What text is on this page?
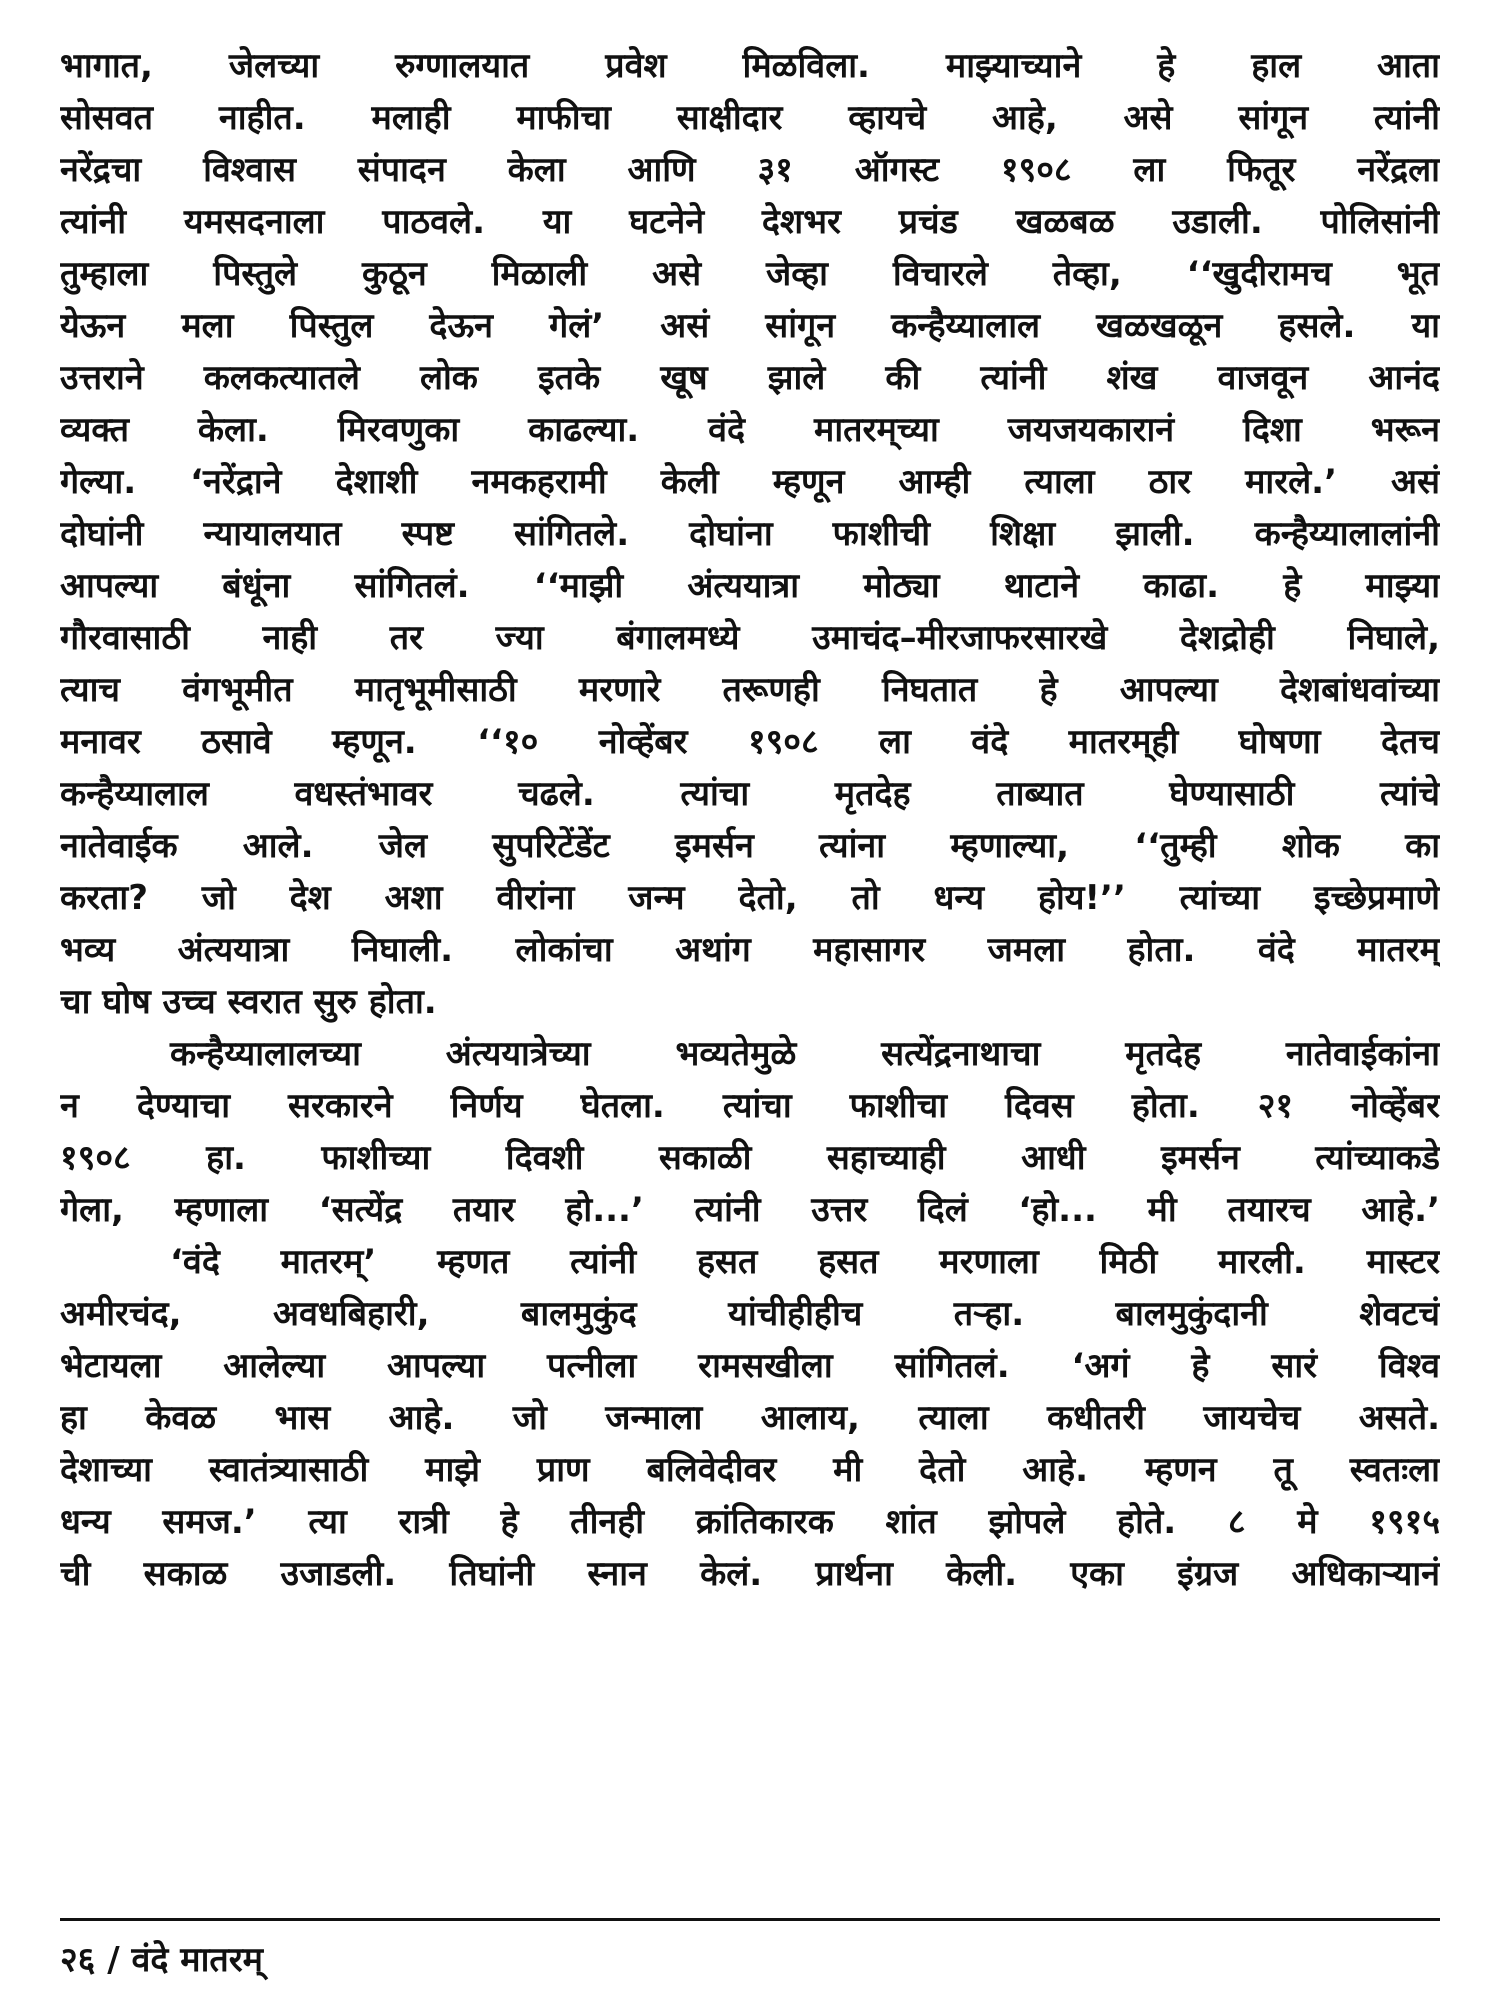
भागात, जेलच्या रुग्णालयात प्रवेश मिळविला. माझ्याच्याने हे हाल आता
सोसवत नाहीत. मलाही माफीचा साक्षीदार व्हायचे आहे, असे सांगून त्यांनी
नरेंद्रचा विश्वास संपादन केला आणि ३१ ऑगस्ट १९०८ ला फितूर नरेंद्रला
त्यांनी यमसदनाला पाठवले. या घटनेने देशभर प्रचंड खळबळ उडाली. पोलिसांनी
तुम्हाला पिस्तुले कुठून मिळाली असे जेव्हा विचारले तेव्हा, ‘‘खुदीरामच भूत
येऊन मला पिस्तुल देऊन गेलं’ असं सांगून कन्हैय्यालाल खळखळून हसले. या
उत्तराने कलकत्यातले लोक इतके खूष झाले की त्यांनी शंख वाजवून आनंद
व्यक्त केला. मिरवणुका काढल्या. वंदे मातरम्‌च्या जयजयकारानं दिशा भरून
गेल्या. ‘नरेंद्राने देशाशी नमकहरामी केली म्हणून आम्ही त्याला ठार मारले.’ असं
दोघांनी न्यायालयात स्पष्ट सांगितले. दोघांना फाशीची शिक्षा झाली. कन्हैय्यालालांनी
आपल्या बंधूंना सांगितलं. ‘‘माझी अंत्ययात्रा मोठ्या थाटाने काढा. हे माझ्या
गौरवासाठी नाही तर ज्या बंगालमध्ये उमाचंद–मीरजाफरसारखे देशद्रोही निघाले,
त्याच वंगभूमीत मातृभूमीसाठी मरणारे तरूणही निघतात हे आपल्या देशबांधवांच्या
मनावर ठसावे म्हणून. ‘‘१० नोव्हेंबर १९०८ ला वंदे मातरम्‌ही घोषणा देतच
कन्हैय्यालाल वधस्तंभावर चढले. त्यांचा मृतदेह ताब्यात घेण्यासाठी त्यांचे
नातेवाईक आले. जेल सुपरिटेंडेंट इमर्सन त्यांना म्हणाल्या, ‘‘तुम्ही शोक का
करता? जो देश अशा वीरांना जन्म देतो, तो धन्य होय!’’ त्यांच्या इच्छेप्रमाणे
भव्य अंत्ययात्रा निघाली. लोकांचा अथांग महासागर जमला होता. वंदे मातरम्
चा घोष उच्च स्वरात सुरु होता.
कन्हैय्यालालच्या अंत्ययात्रेच्या भव्यतेमुळे सत्येंद्रनाथाचा मृतदेह नातेवाईकांना
न देण्याचा सरकारने निर्णय घेतला. त्यांचा फाशीचा दिवस होता. २१ नोव्हेंबर
१९०८ हा. फाशीच्या दिवशी सकाळी सहाच्याही आधी इमर्सन त्यांच्याकडे
गेला, म्हणाला ‘सत्येंद्र तयार हो...’ त्यांनी उत्तर दिलं ‘हो... मी तयारच आहे.’
‘वंदे मातरम्’ म्हणत त्यांनी हसत हसत मरणाला मिठी मारली. मास्टर
अमीरचंद, अवधबिहारी, बालमुकुंद यांचीहीहीच तऱ्हा. बालमुकुंदानी शेवटचं
भेटायला आलेल्या आपल्या पत्नीला रामसखीला सांगितलं. ‘अगं हे सारं विश्व
हा केवळ भास आहे. जो जन्माला आलाय, त्याला कधीतरी जायचेच असते.
देशाच्या स्वातंत्र्यासाठी माझे प्राण बलिवेदीवर मी देतो आहे. म्हणन तू स्वतःला
धन्य समज.’ त्या रात्री हे तीनही क्रांतिकारक शांत झोपले होते. ८ मे १९१५
ची सकाळ उजाडली. तिघांनी स्नान केलं. प्रार्थना केली. एका इंग्रज अधिकाऱ्यानं
२६ / वंदे मातरम्
